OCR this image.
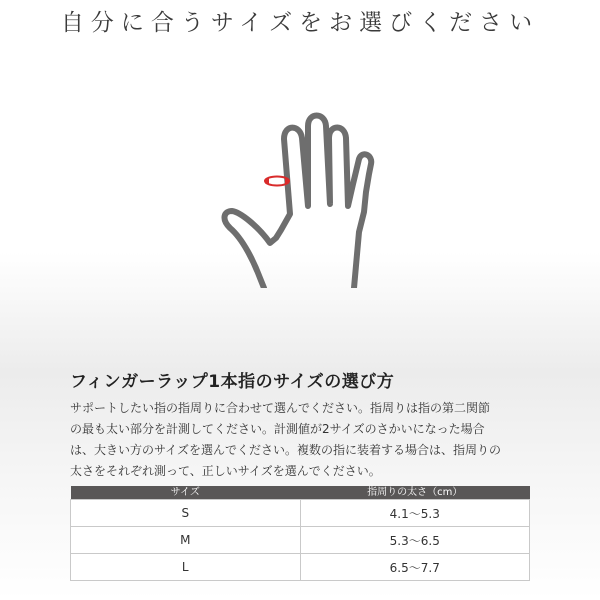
自分に合うサイズをお選びください
フィンガーラップ1本指のサイズの選び方

サポートしたい指の指周りに合わせて選んでください。指周りは指の第二関節
の最も太い部分を計測してください。計測値が2サイズのさかいになった場合
は、大きい方のサイズを選んでください。複数の指に装着する場合は、指周りの
太さをそれぞれ測って、正しいサイズを選んでください。

サイズ	指周りの太さ（cm）
S	4.1〜5.3
M	5.3〜6.5
L	6.5〜7.7
